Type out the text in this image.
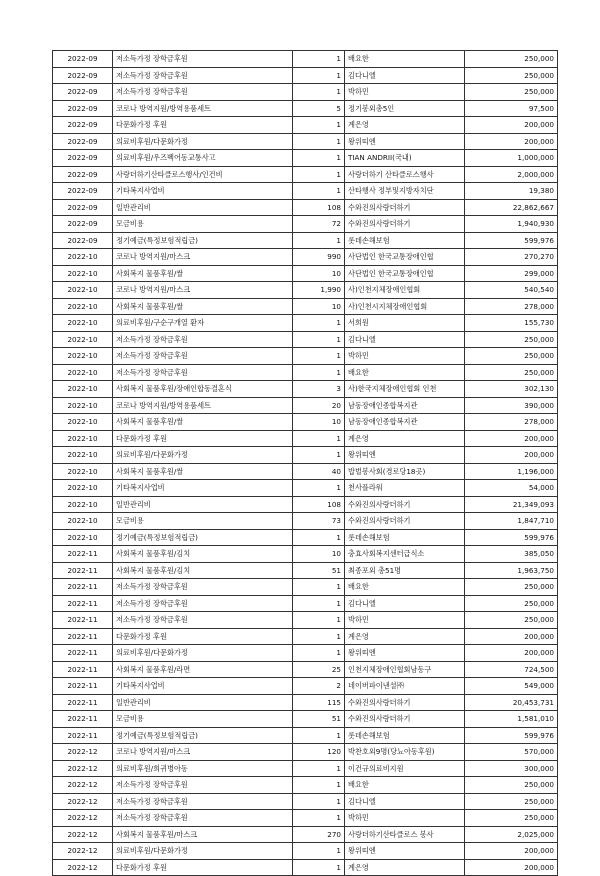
2022-09	저소득가정 장학금후원	1	배요한	250,000
2022-09	저소득가정 장학금후원	1	김다니엘	250,000
2022-09	저소득가정 장학금후원	1	박하민	250,000
2022-09	코로나 방역지원/방역용품세트	5	정기봉외총5인	97,500
2022-09	다문화가정 후원	1	계은영	200,000
2022-09	의료비후원/다문화가정	1	왕위띠엔	200,000
2022-09	의료비후원/우즈벡어동교통사고	1	TIAN ANDRII(국내)	1,000,000
2022-09	사랑더하기산타클로스행사/인건비	1	사랑더하기 산타클로스행사	2,000,000
2022-09	기타복지사업비	1	산타행사 정부및지방자치단	19,380
2022-09	일반관리비	108	수와진의사랑더하기	22,862,667
2022-09	모금비용	72	수와진의사랑더하기	1,940,930
2022-09	정기예금(특정보험적립금)	1	롯데손해보험	599,976
2022-10	코로나 방역지원/마스크	990	사단법인 한국교통장애인협	270,270
2022-10	사회복지 물품후원/쌀	10	사단법인 한국교통장애인협	299,000
2022-10	코로나 방역지원/마스크	1,990	사)인천지체장애인협회	540,540
2022-10	사회복지 물품후원/쌀	10	사)인천시지체장애인협회	278,000
2022-10	의료비후원/구순구개열 환자	1	서희원	155,730
2022-10	저소득가정 장학금후원	1	김다니엘	250,000
2022-10	저소득가정 장학금후원	1	박하민	250,000
2022-10	저소득가정 장학금후원	1	배요한	250,000
2022-10	사회복지 물품후원/장애인합동결혼식	3	사)한국지체장애인협회 인천	302,130
2022-10	코로나 방역지원/방역용품세트	20	남동장애인종합복지관	390,000
2022-10	사회복지 물품후원/쌀	10	남동장애인종합복지관	278,000
2022-10	다문화가정 후원	1	계은영	200,000
2022-10	의료비후원/다문화가정	1	왕위띠엔	200,000
2022-10	사회복지 물품후원/쌀	40	밥벌봉사회(경로당18곳)	1,196,000
2022-10	기타복지사업비	1	천사플라워	54,000
2022-10	일반관리비	108	수와진의사랑더하기	21,349,093
2022-10	모금비용	73	수와진의사랑더하기	1,847,710
2022-10	정기예금(특정보험적립금)	1	롯데손해보험	599,976
2022-11	사회복지 물품후원/김치	10	충효사회복지센터급식소	385,050
2022-11	사회복지 물품후원/김치	51	최종포외 총51명	1,963,750
2022-11	저소득가정 장학금후원	1	배요한	250,000
2022-11	저소득가정 장학금후원	1	김다니엘	250,000
2022-11	저소득가정 장학금후원	1	박하민	250,000
2022-11	다문화가정 후원	1	계은영	200,000
2022-11	의료비후원/다문화가정	1	왕위띠엔	200,000
2022-11	사회복지 물품후원/라면	25	인천지체장애인협회남동구	724,500
2022-11	기타복지사업비	2	네이버파이낸셜㈜	549,000
2022-11	일반관리비	115	수와진의사랑더하기	20,453,731
2022-11	모금비용	51	수와진의사랑더하기	1,581,010
2022-11	정기예금(특정보험적립금)	1	롯데손해보험	599,976
2022-12	코로나 방역지원/마스크	120	박찬호외9명(당뇨아동후원)	570,000
2022-12	의료비후원/희귀병아동	1	이건규의료비지원	300,000
2022-12	저소득가정 장학금후원	1	배요한	250,000
2022-12	저소득가정 장학금후원	1	김다니엘	250,000
2022-12	저소득가정 장학금후원	1	박하민	250,000
2022-12	사회복지 물품후원/마스크	270	사랑더하기산타클로스 봉사	2,025,000
2022-12	의료비후원/다문화가정	1	왕위띠엔	200,000
2022-12	다문화가정 후원	1	계은영	200,000
